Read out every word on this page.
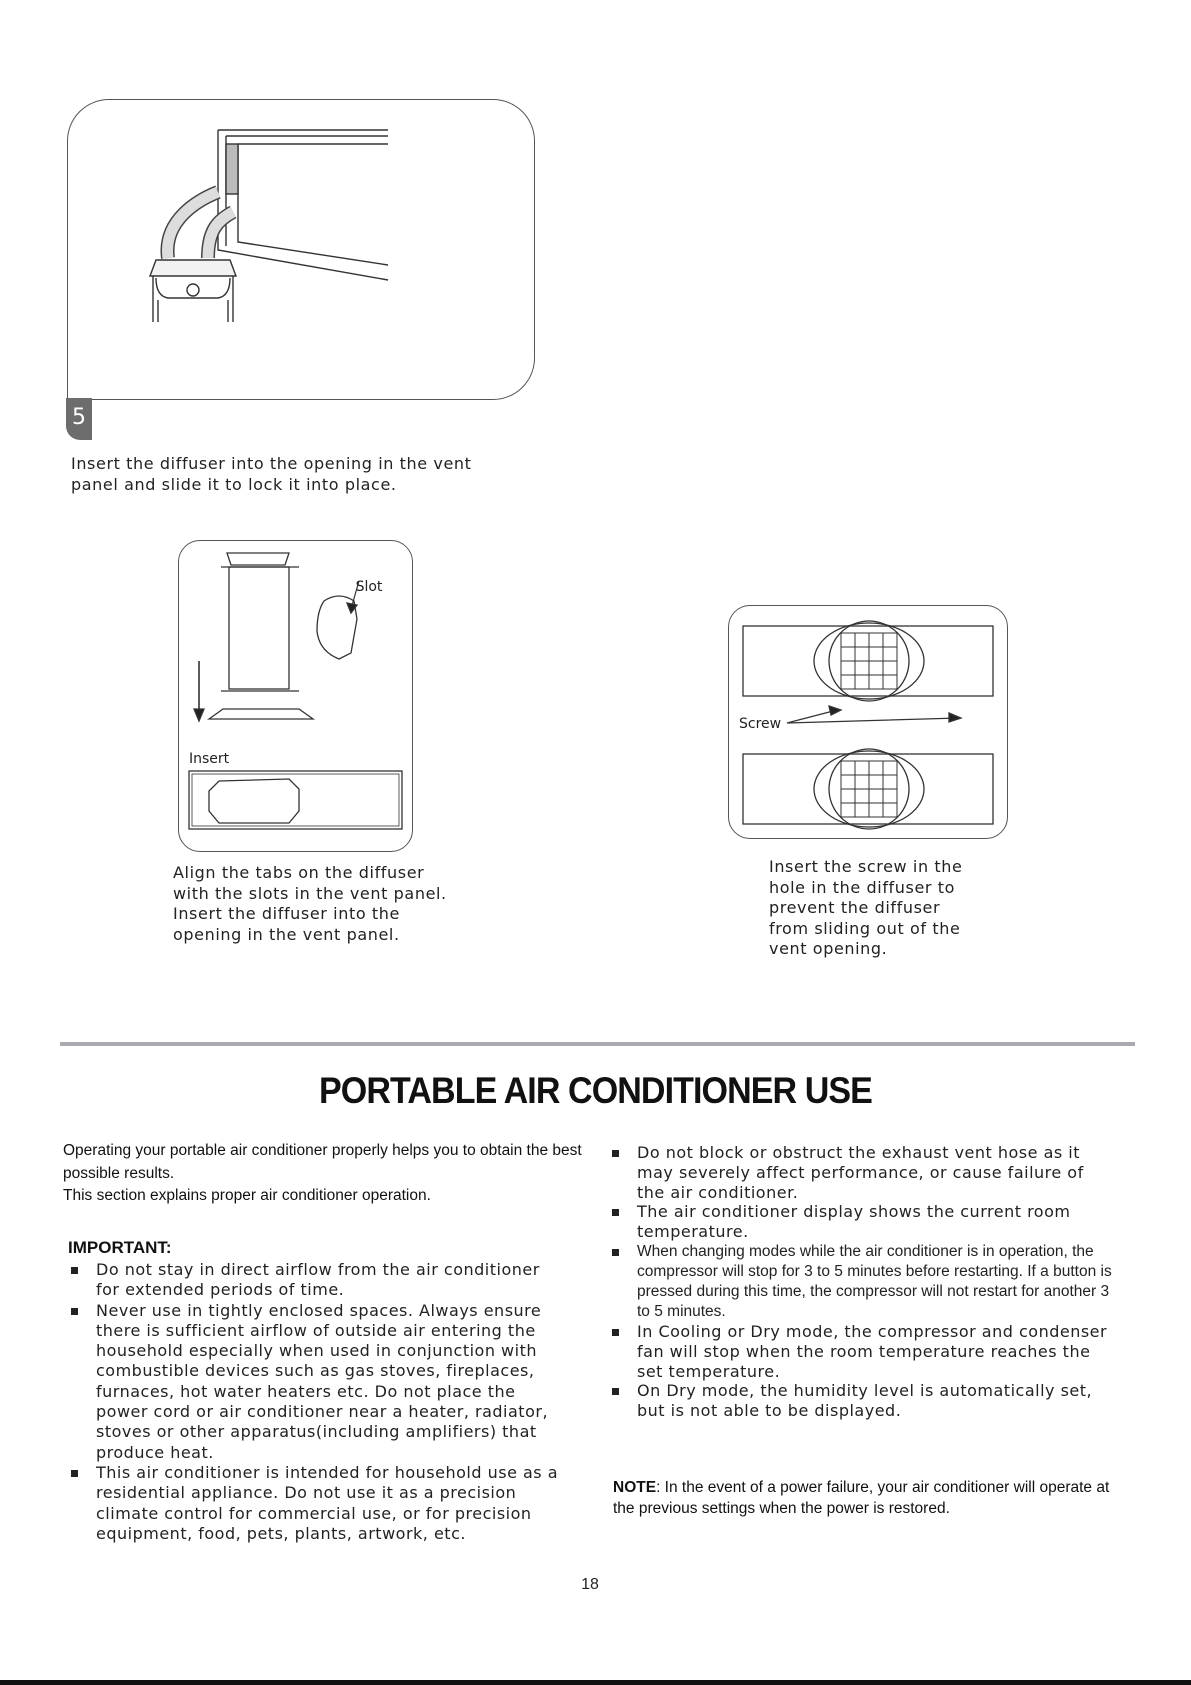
5
Insert the diffuser into the opening in the vent panel and slide it to lock it into place.
Slot
Insert
Align the tabs on the diffuser with the slots in the vent panel. Insert the diffuser into the opening in the vent panel.
Screw
Insert the screw in the hole in the diffuser to prevent the diffuser from sliding out of the vent opening.
PORTABLE AIR CONDITIONER USE

Operating your portable air conditioner properly helps you to obtain the best possible results.

This section explains proper air conditioner operation.

IMPORTANT:
Do not stay in direct airflow from the air conditioner for extended periods of time.
Never use in tightly enclosed spaces. Always ensure there is sufficient airflow of outside air entering the household especially when used in conjunction with combustible devices such as gas stoves, fireplaces, furnaces, hot water heaters etc. Do not place the power cord or air conditioner near a heater, radiator, stoves or other apparatus(including amplifiers) that produce heat.
This air conditioner is intended for household use as a residential appliance. Do not use it as a precision climate control for commercial use, or for precision equipment, food, pets, plants, artwork, etc.
Do not block or obstruct the exhaust vent hose as it may severely affect performance, or cause failure of the air conditioner.
The air conditioner display shows the current room temperature.
When changing modes while the air conditioner is in operation, the compressor will stop for 3 to 5 minutes before restarting. If a button is pressed during this time, the compressor will not restart for another 3 to 5 minutes.
In Cooling or Dry mode, the compressor and condenser fan will stop when the room temperature reaches the set temperature.
On Dry mode, the humidity level is automatically set, but is not able to be displayed.
NOTE: In the event of a power failure, your air conditioner will operate at the previous settings when the power is restored.
18
